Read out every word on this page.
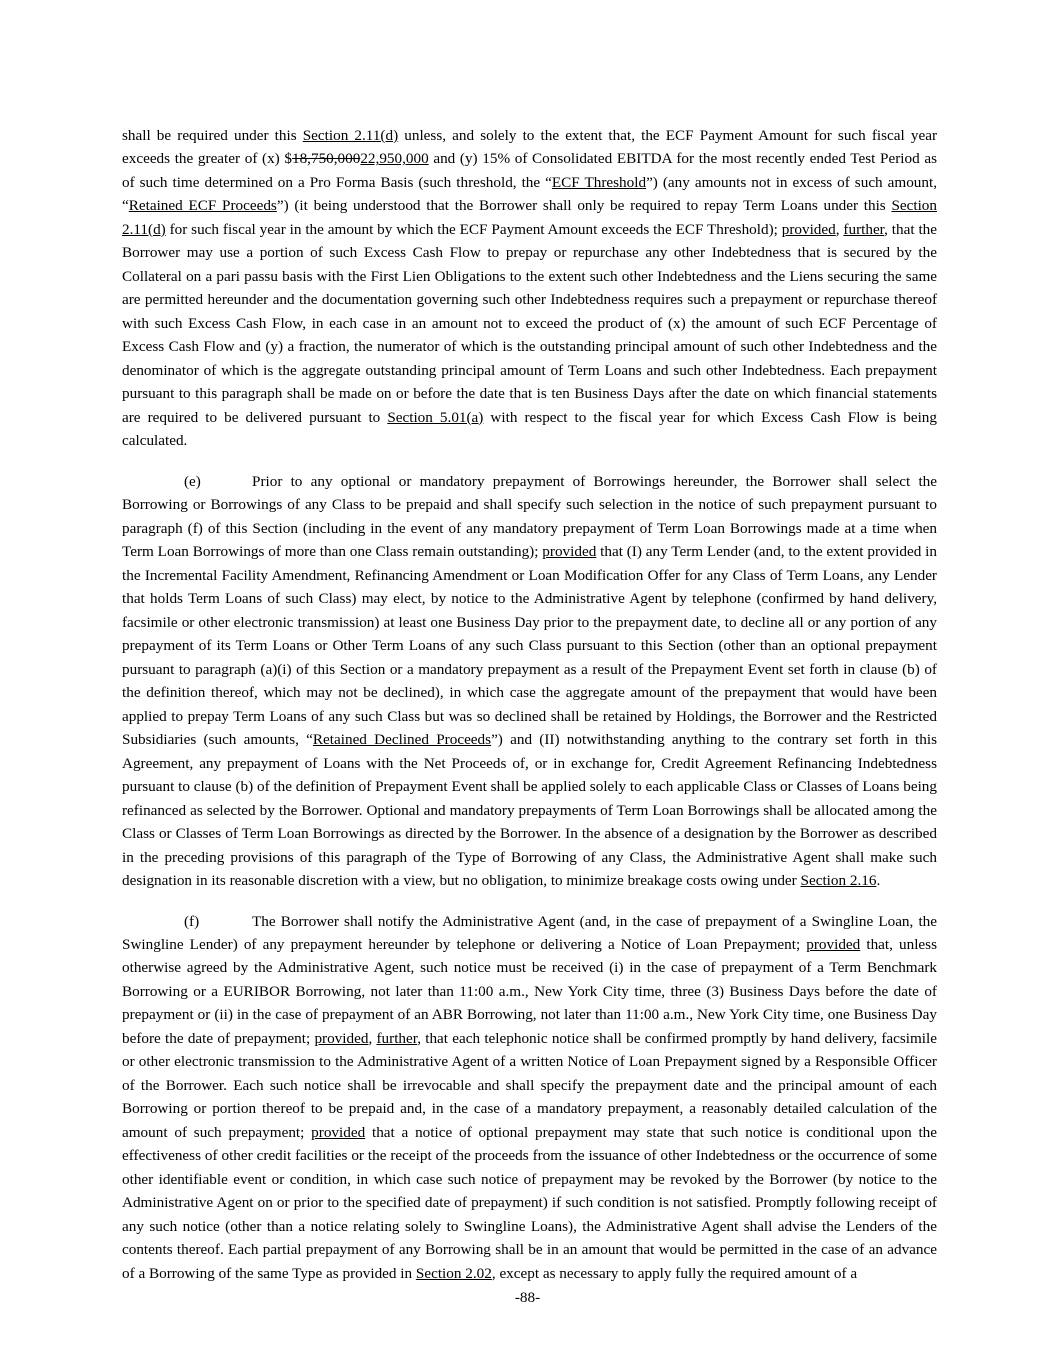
shall be required under this Section 2.11(d) unless, and solely to the extent that, the ECF Payment Amount for such fiscal year exceeds the greater of (x) $18,750,00022,950,000 and (y) 15% of Consolidated EBITDA for the most recently ended Test Period as of such time determined on a Pro Forma Basis (such threshold, the “ECF Threshold”) (any amounts not in excess of such amount, “Retained ECF Proceeds”) (it being understood that the Borrower shall only be required to repay Term Loans under this Section 2.11(d) for such fiscal year in the amount by which the ECF Payment Amount exceeds the ECF Threshold); provided, further, that the Borrower may use a portion of such Excess Cash Flow to prepay or repurchase any other Indebtedness that is secured by the Collateral on a pari passu basis with the First Lien Obligations to the extent such other Indebtedness and the Liens securing the same are permitted hereunder and the documentation governing such other Indebtedness requires such a prepayment or repurchase thereof with such Excess Cash Flow, in each case in an amount not to exceed the product of (x) the amount of such ECF Percentage of Excess Cash Flow and (y) a fraction, the numerator of which is the outstanding principal amount of such other Indebtedness and the denominator of which is the aggregate outstanding principal amount of Term Loans and such other Indebtedness. Each prepayment pursuant to this paragraph shall be made on or before the date that is ten Business Days after the date on which financial statements are required to be delivered pursuant to Section 5.01(a) with respect to the fiscal year for which Excess Cash Flow is being calculated.

(e)	Prior to any optional or mandatory prepayment of Borrowings hereunder, the Borrower shall select the Borrowing or Borrowings of any Class to be prepaid and shall specify such selection in the notice of such prepayment pursuant to paragraph (f) of this Section (including in the event of any mandatory prepayment of Term Loan Borrowings made at a time when Term Loan Borrowings of more than one Class remain outstanding); provided that (I) any Term Lender (and, to the extent provided in the Incremental Facility Amendment, Refinancing Amendment or Loan Modification Offer for any Class of Term Loans, any Lender that holds Term Loans of such Class) may elect, by notice to the Administrative Agent by telephone (confirmed by hand delivery, facsimile or other electronic transmission) at least one Business Day prior to the prepayment date, to decline all or any portion of any prepayment of its Term Loans or Other Term Loans of any such Class pursuant to this Section (other than an optional prepayment pursuant to paragraph (a)(i) of this Section or a mandatory prepayment as a result of the Prepayment Event set forth in clause (b) of the definition thereof, which may not be declined), in which case the aggregate amount of the prepayment that would have been applied to prepay Term Loans of any such Class but was so declined shall be retained by Holdings, the Borrower and the Restricted Subsidiaries (such amounts, “Retained Declined Proceeds”) and (II) notwithstanding anything to the contrary set forth in this Agreement, any prepayment of Loans with the Net Proceeds of, or in exchange for, Credit Agreement Refinancing Indebtedness pursuant to clause (b) of the definition of Prepayment Event shall be applied solely to each applicable Class or Classes of Loans being refinanced as selected by the Borrower. Optional and mandatory prepayments of Term Loan Borrowings shall be allocated among the Class or Classes of Term Loan Borrowings as directed by the Borrower. In the absence of a designation by the Borrower as described in the preceding provisions of this paragraph of the Type of Borrowing of any Class, the Administrative Agent shall make such designation in its reasonable discretion with a view, but no obligation, to minimize breakage costs owing under Section 2.16.

(f)	The Borrower shall notify the Administrative Agent (and, in the case of prepayment of a Swingline Loan, the Swingline Lender) of any prepayment hereunder by telephone or delivering a Notice of Loan Prepayment; provided that, unless otherwise agreed by the Administrative Agent, such notice must be received (i) in the case of prepayment of a Term Benchmark Borrowing or a EURIBOR Borrowing, not later than 11:00 a.m., New York City time, three (3) Business Days before the date of prepayment or (ii) in the case of prepayment of an ABR Borrowing, not later than 11:00 a.m., New York City time, one Business Day before the date of prepayment; provided, further, that each telephonic notice shall be confirmed promptly by hand delivery, facsimile or other electronic transmission to the Administrative Agent of a written Notice of Loan Prepayment signed by a Responsible Officer of the Borrower. Each such notice shall be irrevocable and shall specify the prepayment date and the principal amount of each Borrowing or portion thereof to be prepaid and, in the case of a mandatory prepayment, a reasonably detailed calculation of the amount of such prepayment; provided that a notice of optional prepayment may state that such notice is conditional upon the effectiveness of other credit facilities or the receipt of the proceeds from the issuance of other Indebtedness or the occurrence of some other identifiable event or condition, in which case such notice of prepayment may be revoked by the Borrower (by notice to the Administrative Agent on or prior to the specified date of prepayment) if such condition is not satisfied. Promptly following receipt of any such notice (other than a notice relating solely to Swingline Loans), the Administrative Agent shall advise the Lenders of the contents thereof. Each partial prepayment of any Borrowing shall be in an amount that would be permitted in the case of an advance of a Borrowing of the same Type as provided in Section 2.02, except as necessary to apply fully the required amount of a

-88-
